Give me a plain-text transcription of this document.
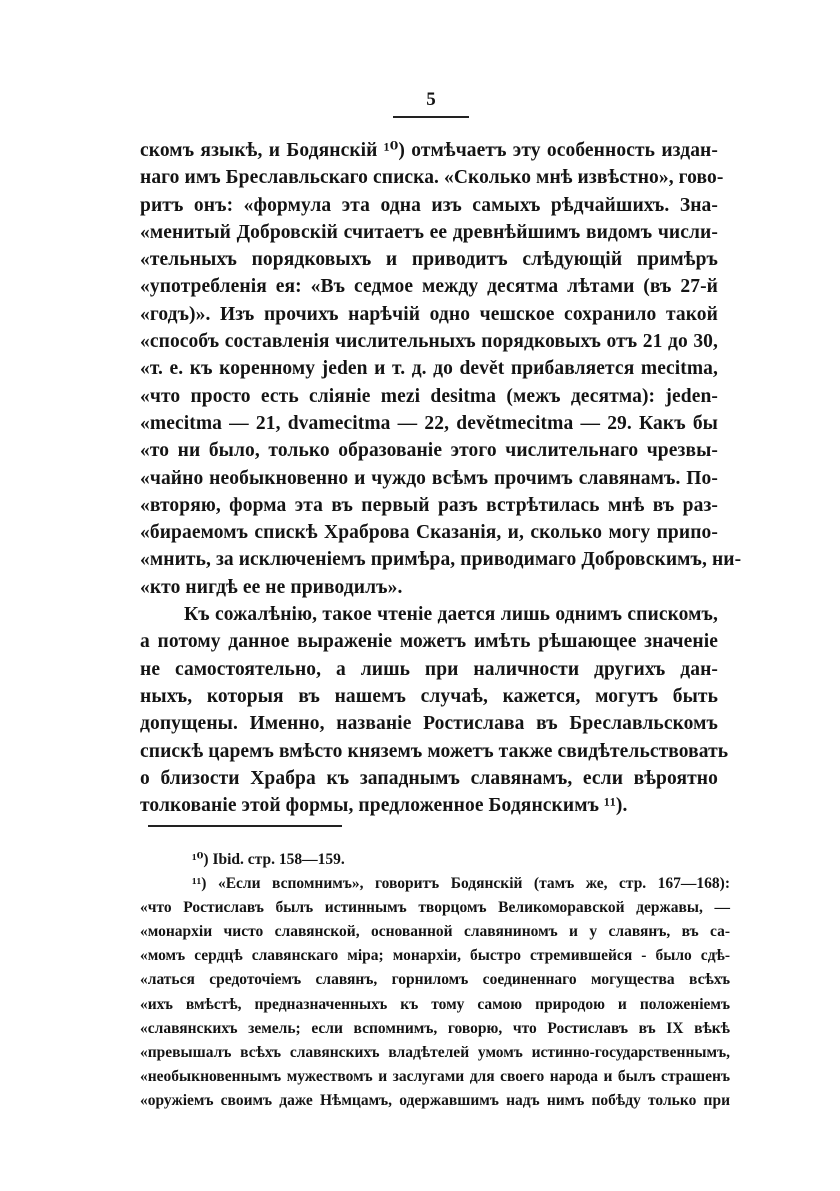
5
скомъ языкѣ, и Бодянскій ¹⁰) отмѣчаетъ эту особенность издан-
наго имъ Бреславльскаго списка. «Сколько мнѣ извѣстно», гово-
ритъ онъ: «формула эта одна изъ самыхъ рѣдчайшихъ. Зна-
«менитый Добровскій считаетъ ее древнѣйшимъ видомъ числи-
«тельныхъ порядковыхъ и приводитъ слѣдующій примѣръ
«употребленія ея: «Въ седмое между десятма лѣтами (въ 27-й
«годъ)». Изъ прочихъ нарѣчій одно чешское сохранило такой
«способъ составленія числительныхъ порядковыхъ отъ 21 до 30,
«т. е. къ коренному jeden и т. д. до devět прибавляется mecitma,
«что просто есть сліяніе mezi desitma (межъ десятма): jeden-
«mecitma — 21, dvamecitma — 22, devětmecitma — 29. Какъ бы
«то ни было, только образованіе этого числительнаго чрезвы-
«чайно необыкновенно и чуждо всѣмъ прочимъ славянамъ. По-
«вторяю, форма эта въ первый разъ встрѣтилась мнѣ въ раз-
«бираемомъ спискѣ Храброва Сказанія, и, сколько могу припо-
«мнить, за исключеніемъ примѣра, приводимаго Добровскимъ, ни-
«кто нигдѣ ее не приводилъ».
Къ сожалѣнію, такое чтеніе дается лишь однимъ спискомъ,
а потому данное выраженіе можетъ имѣть рѣшающее значеніе
не самостоятельно, а лишь при наличности другихъ дан-
ныхъ, которыя въ нашемъ случаѣ, кажется, могутъ быть
допущены. Именно, названіе Ростислава въ Бреславльскомъ
спискѣ царемъ вмѣсто княземъ можетъ также свидѣтельствовать
о близости Храбра къ западнымъ славянамъ, если вѣроятно
толкованіе этой формы, предложенное Бодянскимъ ¹¹).
¹⁰) Ibid. стр. 158—159.
¹¹) «Если вспомнимъ», говоритъ Бодянскій (тамъ же, стр. 167—168):
«что Ростиславъ былъ истиннымъ творцомъ Великоморавской державы, —
«монархіи чисто славянской, основанной славяниномъ и у славянъ, въ са-
«момъ сердцѣ славянскаго міра; монархіи, быстро стремившейся - было сдѣ-
«латься средоточіемъ славянъ, горниломъ соединеннаго могущества всѣхъ
«ихъ вмѣстѣ, предназначенныхъ къ тому самою природою и положеніемъ
«славянскихъ земель; если вспомнимъ, говорю, что Ростиславъ въ IX вѣкѣ
«превышалъ всѣхъ славянскихъ владѣтелей умомъ истинно-государственнымъ,
«необыкновеннымъ мужествомъ и заслугами для своего народа и былъ страшенъ
«оружіемъ своимъ даже Нѣмцамъ, одержавшимъ надъ нимъ побѣду только при
